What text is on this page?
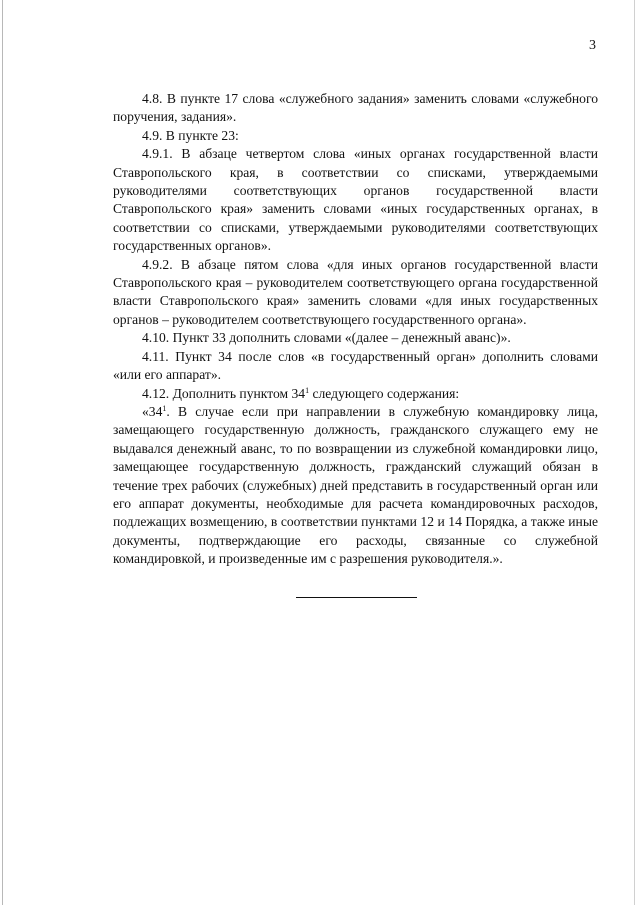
3

4.8. В пункте 17 слова «служебного задания» заменить словами «служебного поручения, задания».

4.9. В пункте 23:

4.9.1. В абзаце четвертом слова «иных органах государственной власти Ставропольского края, в соответствии со списками, утверждаемыми руководителями соответствующих органов государственной власти Ставропольского края» заменить словами «иных государственных органах, в соответствии со списками, утверждаемыми руководителями соответствующих государственных органов».

4.9.2. В абзаце пятом слова «для иных органов государственной власти Ставропольского края – руководителем соответствующего органа государственной власти Ставропольского края» заменить словами «для иных государственных органов – руководителем соответствующего государственного органа».

4.10. Пункт 33 дополнить словами «(далее – денежный аванс)».

4.11. Пункт 34 после слов «в государственный орган» дополнить словами «или его аппарат».

4.12. Дополнить пунктом $34^1$ следующего содержания:

«$34^1$. В случае если при направлении в служебную командировку лица, замещающего государственную должность, гражданского служащего ему не выдавался денежный аванс, то по возвращении из служебной командировки лицо, замещающее государственную должность, гражданский служащий обязан в течение трех рабочих (служебных) дней представить в государственный орган или его аппарат документы, необходимые для расчета командировочных расходов, подлежащих возмещению, в соответствии пунктами 12 и 14 Порядка, а также иные документы, подтверждающие его расходы, связанные со служебной командировкой, и произведенные им с разрешения руководителя.».
